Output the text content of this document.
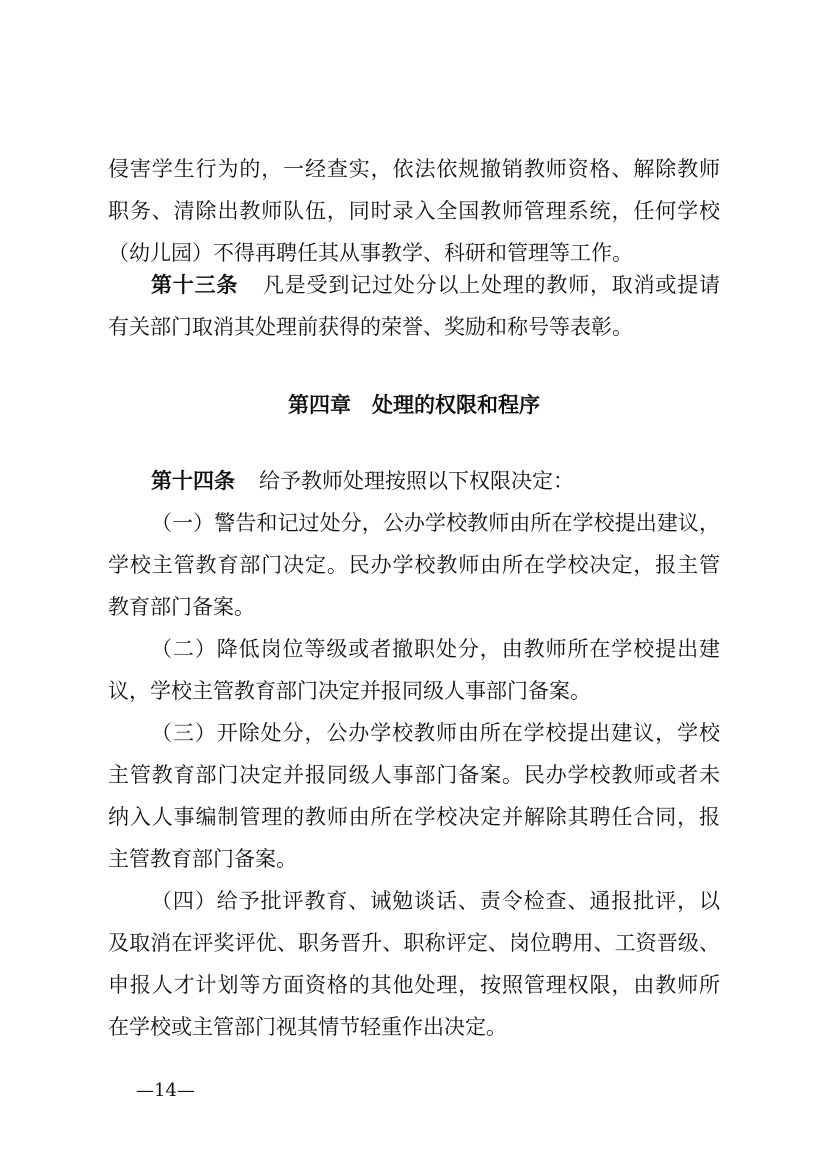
侵害学生行为的，一经查实，依法依规撤销教师资格、解除教师
职务、清除出教师队伍，同时录入全国教师管理系统，任何学校
（幼儿园）不得再聘任其从事教学、科研和管理等工作。
第十三条 凡是受到记过处分以上处理的教师，取消或提请
有关部门取消其处理前获得的荣誉、奖励和称号等表彰。
第四章 处理的权限和程序
第十四条 给予教师处理按照以下权限决定：
（一）警告和记过处分，公办学校教师由所在学校提出建议，
学校主管教育部门决定。民办学校教师由所在学校决定，报主管
教育部门备案。
（二）降低岗位等级或者撤职处分，由教师所在学校提出建
议，学校主管教育部门决定并报同级人事部门备案。
（三）开除处分，公办学校教师由所在学校提出建议，学校
主管教育部门决定并报同级人事部门备案。民办学校教师或者未
纳入人事编制管理的教师由所在学校决定并解除其聘任合同，报
主管教育部门备案。
（四）给予批评教育、诫勉谈话、责令检查、通报批评，以
及取消在评奖评优、职务晋升、职称评定、岗位聘用、工资晋级、
申报人才计划等方面资格的其他处理，按照管理权限，由教师所
在学校或主管部门视其情节轻重作出决定。
—14—
